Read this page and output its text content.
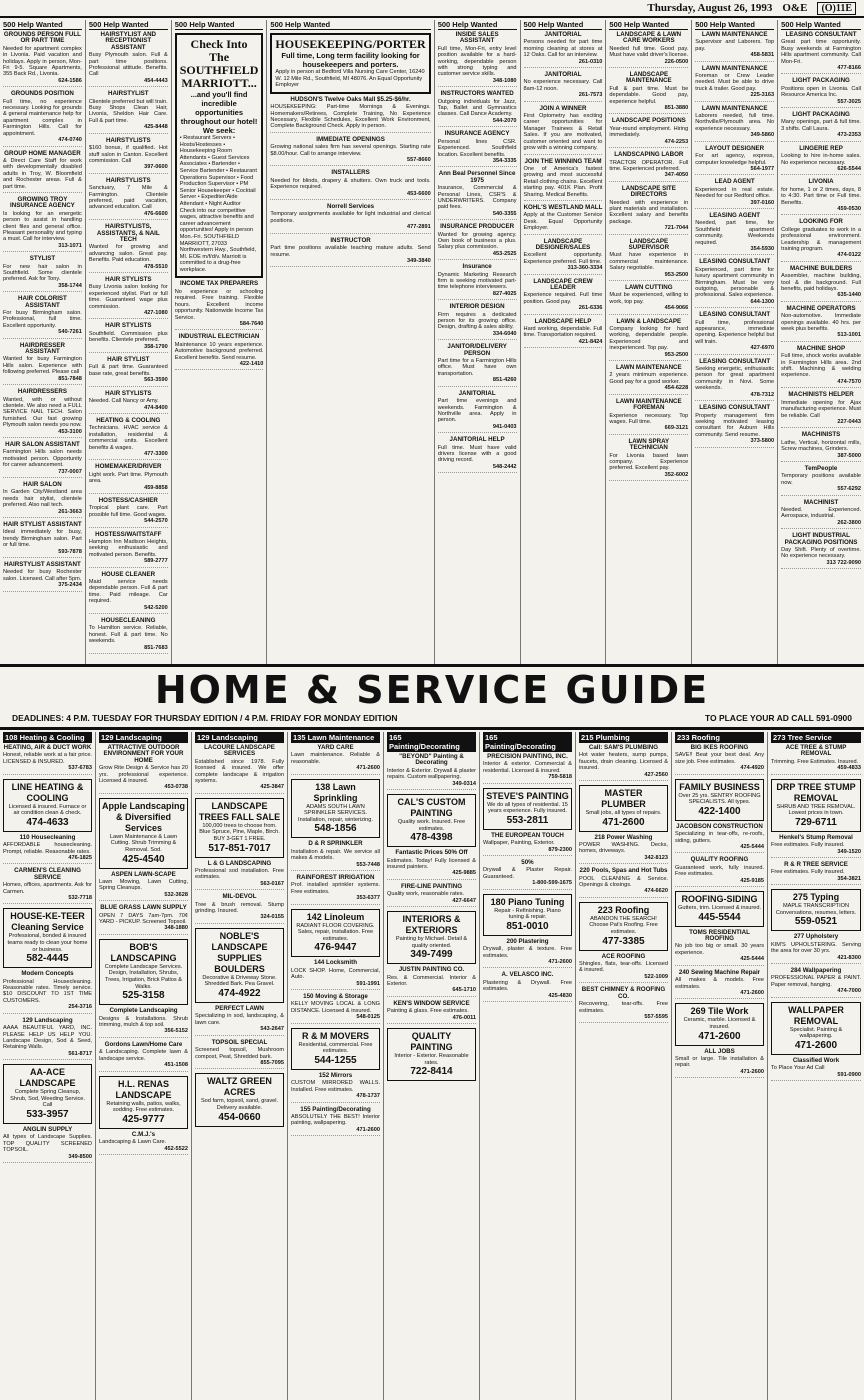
Thursday, August 26, 1993 O&E	(O)11E
500 Help Wanted
GROUNDS PERSON FULL OR PART TIME
Needed for apartment complex in Livonia. Paid vacation and holidays. Apply in person, Mon-Fri 9-5. Square Apartments, 355 Back Rd., Livonia.
624-1586
GROUNDS POSITION
Full time, no experience necessary. Looking for grounds & general maintenance help for apartment complex in Farmington Hills. Call for appointment.
474-0740
GROUP HOME MANAGER
& Direct Care Staff for work with developmentally disabled adults in Troy, W. Bloomfield and Rochester areas. Full & part time.
GROWING TROY INSURANCE AGENCY
Is looking for an energetic person to assist in handling client files and general office. Pleasant personality and typing a must. Call for interview.
313-1071
STYLIST
For new hair salon in Southfield. Some clientele preferred. Ask for Tony.
358-1744
HAIR COLORIST ASSISTANT
For busy Birmingham salon. Professional, full time. Excellent opportunity.
540-7261
HAIRDRESSER ASSISTANT
Wanted for busy Farmington Hills salon. Experience with following preferred. Please call
851-7848
HAIRDRESSERS
Wanted, with or without clientele. We also need a FULL SERVICE NAIL TECH. Salon furnished. Our fast growing Plymouth salon needs you now.
453-3100
HAIR SALON ASSISTANT
Farmington Hills salon needs motivated person. Opportunity for career advancement.
737-0007
HAIR SALON
In Garden City/Westland area needs hair stylist, clientele preferred. Also nail tech.
261-3663
HAIR STYLIST ASSISTANT
Ideal immediately for busy, trendy Birmingham salon. Part or full time.
593-7878
HAIRSTYLIST ASSISTANT
Needed for busy Rochester salon. Licensed. Call after 5pm.
375-2434
500 Help Wanted
HAIRSTYLIST AND RECEPTIONIST ASSISTANT
Busy Plymouth salon. Full & part time positions. Professional attitude. Benefits. Call
454-4443
HAIRSTYLIST
Clientele preferred but will train. Busy Shops Clean Hair, Livonia, Sheldon Hair Care. Full & part time.
425-8448
HAIRSTYLISTS
$160 bonus, if qualified. Hot stuff salon in Canton. Excellent commission. Call
397-0600
HAIRSTYLISTS
Sanctuary, 7 Mile & Farmington. Clientele preferred, paid vacation, advanced education. Call
476-6600
HAIRSTYLISTS, ASSISTANTS, & NAIL TECH
Wanted for growing and advancing salon. Great pay. Benefits. Paid education.
478-5510
HAIR STYLISTS
Busy Livonia salon looking for experienced stylist. Part or full time. Guaranteed wage plus commission.
427-1080
HAIR STYLISTS
Southfield. Commission plus benefits. Clientele preferred.
358-1790
HAIR STYLIST
Full & part time. Guaranteed base rate, great benefits.
563-3590
HAIR STYLISTS
Needed. Call Nancy or Amy.
474-8400
HEATING & COOLING
Technicians. HVAC service & installation, residential & commercial units. Excellent benefits & wages.
477-3300
HOMEMAKER/DRIVER
Light work. Part time. Plymouth area.
459-8858
HOSTESS/CASHIER
Tropical plant care. Part possible full time. Good wages.
544-2570
HOSTESS/WAITSTAFF
Hampton Inn Madison Heights, seeking enthusiastic and motivated person. Benefits.
589-2777
HOUSE CLEANER
Maid service needs dependable person. Full & part time. Paid mileage. Car required.
542-5200
HOUSECLEANING
To Hamilton service. Reliable, honest. Full & part time. No weekends.
851-7683
500 Help Wanted
Check Into The SOUTHFIELD MARRIOTT...
...and you'll find incredible opportunities throughout our hotel! We seek:
• Restaurant Servers • Hosts/Hostesses • Housekeeping Room Attendants • Guest Services Associates • Bartender • Service Bartender • Restaurant Operations Supervisor • Food Production Supervisor • PM Senior Housekeeper • Cocktail Server • Expediter/Aide Attendant • Night Auditor
Check into our competitive wages, attractive benefits and career advancement opportunities! Apply in person Mon.-Fri. SOUTHFIELD MARRIOTT, 27033 Northwestern Hwy., Southfield, MI. EOE m/f/d/v. Marriott is committed to a drug-free workplace.
INCOME TAX PREPARERS
No experience or schooling required. Free training. Flexible hours. Excellent income opportunity. Nationwide Income Tax Service.
584-7640
INDUSTRIAL ELECTRICIAN
Maintenance 10 years experience. Automotive background preferred. Excellent benefits. Send resume.
422-1410
500 Help Wanted
HOUSEKEEPING/PORTER
Full time, Long term facility looking for housekeepers and porters.
Apply in person at Bedford Villa Nursing Care Center, 16240 W. 12 Mile Rd., Southfield, MI 48076. An Equal Opportunity Employer
HUDSON'S Twelve Oaks Mall $5.25-$6/hr.
HOUSEKEEPING: Part-time Mornings & Evenings. Homemakers/Retirees, Complete Training, No Experience Necessary, Flexible Schedules, Excellent Work Environment, Complete Background Check. Apply in person.
IMMEDIATE OPENINGS
Growing national sales firm has several openings. Starting rate $8.00/hour. Call to arrange interview.
557-8660
INSTALLERS
Needed for blinds, drapery & shutters. Own truck and tools. Experience required.
453-6600
Norrell Services
Temporary assignments available for light industrial and clerical positions.
477-2891
INSTRUCTOR
Part time positions available teaching mature adults. Send resume.
349-3840
500 Help Wanted
INSIDE SALES ASSISTANT
Full time, Mon-Fri, entry level position available for a hard-working, dependable person with strong typing and customer service skills.
348-1080
INSTRUCTORS WANTED
Outgoing individuals for Jazz, Tap, Ballet and Gymnastics classes. Call Dance Academy.
544-2070
INSURANCE AGENCY
Personal lines CSR. Experienced. Southfield location. Excellent benefits.
354-3335
Ann Beal Personnel Since 1975
Insurance, Commercial & Personal Lines, CSR'S & UNDERWRITERS. Company paid fees.
540-3355
INSURANCE PRODUCER
Wanted for growing agency. Own book of business a plus. Salary plus commission.
453-2525
Insurance
Dynamic Marketing Research firm is seeking motivated part-time telephone interviewers.
827-4025
INTERIOR DESIGN
Firm requires a dedicated person for its growing office. Design, drafting & sales ability.
334-6040
JANITOR/DELIVERY PERSON
Part time for a Farmington Hills office. Must have own transportation.
851-4260
JANITORIAL
Part time evenings and weekends. Farmington & Northville area. Apply in person.
941-0403
JANITORIAL HELP
Full time. Must have valid drivers license with a good driving record.
548-2442
500 Help Wanted
JANITORIAL
Persons needed for part time morning cleaning at stores at 12 Oaks. Call for an interview.
261-0310
JANITORIAL
No experience necessary. Call 8am-12 noon.
261-7573
JOIN A WINNER
First Optometry has exciting career opportunities for Manager Trainees & Retail Sales. If you are motivated, customer oriented and want to grow with a winning company.
JOIN THE WINNING TEAM
One of America's fastest growing and most successful Retail clothing chains. Excellent starting pay. 401K Plan. Profit Sharing. Medical Benefits.
KOHL'S WESTLAND MALL
Apply at the Customer Service Desk. Equal Opportunity Employer.
LANDSCAPE DESIGNER/SALES
Excellent opportunity. Experience preferred. Full time.
313-360-3334
LANDSCAPE CREW LEADER
Experience required. Full time position. Good pay.
261-6336
LANDSCAPE HELP
Hard working, dependable. Full time. Transportation required.
421-8424
500 Help Wanted
LANDSCAPE & LAWN CARE WORKERS
Needed full time. Good pay. Must have valid driver's license.
226-0500
LANDSCAPE MAINTENANCE
Full & part time. Must be dependable. Good pay, experience helpful.
851-3880
LANDSCAPE POSITIONS
Year-round employment. Hiring immediately.
474-2253
LANDSCAPING LABOR
TRACTOR OPERATOR. Full time. Experienced preferred.
347-4050
LANDSCAPE SITE DIRECTORS
Needed with experience in plant materials and installation. Excellent salary and benefits package.
721-7044
LANDSCAPE SUPERVISOR
Must have experience in commercial maintenance. Salary negotiable.
953-2500
LAWN CUTTING
Must be experienced, willing to work, top pay.
454-9066
LAWN & LANDSCAPE
Company looking for hard working, dependable people. Experienced and inexperienced. Top pay.
953-2500
LAWN MAINTENANCE
2 years minimum experience. Good pay for a good worker.
454-6228
LAWN MAINTENANCE FOREMAN
Experience necessary. Top wages. Full time.
669-3121
LAWN SPRAY TECHNICIAN
For Livonia based lawn company. Experience preferred. Excellent pay.
352-6002
500 Help Wanted
LAWN MAINTENANCE
Supervisor and Laborers. Top pay.
458-5831
LAWN MAINTENANCE
Foreman or Crew Leader needed. Must be able to drive truck & trailer. Good pay.
225-3163
LAWN MAINTENANCE
Laborers needed, full time. Northville/Plymouth area. No experience necessary.
349-5860
LAYOUT DESIGNER
For art agency, express, computer knowledge helpful.
564-1977
LEAD AGENT
Experienced in real estate. Needed for our Redford office.
397-0160
LEASING AGENT
Needed, part time, for Southfield apartment community. Weekends required.
354-5930
LEASING CONSULTANT
Experienced, part time for luxury apartment community in Birmingham. Must be very outgoing, personable & professional. Sales experience.
644-1300
LEASING CONSULTANT
Full time, professional appearance, immediate opening. Experience helpful but will train.
427-6970
LEASING CONSULTANT
Seeking energetic, enthusiastic person for great apartment community in Novi. Some weekends.
478-7312
LEASING CONSULTANT
Property management firm seeking motivated leasing consultant for Auburn Hills community. Send resume.
373-5800
500 Help Wanted
LEASING CONSULTANT
Great part time opportunity. Busy weekends at Farmington Hills apartment community. Call Mon-Fri.
477-8166
LIGHT PACKAGING
Positions open in Livonia. Call Resource America Inc.
557-3025
LIGHT PACKAGING
Many openings, part & full time. 3 shifts. Call Laura.
473-2353
LINGERIE REP
Looking to hire in-home sales. No experience necessary.
626-5544
LIVONIA
for home, 1 or 2 times, days, 8 to 4:30. Part time or Full time. Benefits.
459-0530
LOOKING FOR
College graduates to work in a professional environment. Leadership & management training program.
474-0122
MACHINE BUILDERS
Assembler, machine building, tool & die background. Full benefits, paid holidays.
635-1440
MACHINE OPERATORS
Non-automotive. Immediate openings available. 40 hrs. per week plus benefits.
513-1001
MACHINE SHOP
Full time, shock works available in Farmington Hills area. 2nd shift. Machining & welding experience.
474-7570
MACHINISTS HELPER
Immediate opening for Ajax manufacturing experience. Must be reliable. Call
227-0443
MACHINISTS
Lathe, Vertical, horizontal mills, Screw machines, Grinders.
387-5000
TemPeople
Temporary positions available now.
557-6292
MACHINIST
Needed. Experienced. Aerospace, industrial.
262-3800
LIGHT INDUSTRIAL PACKAGING POSITIONS
Day Shift. Plenty of overtime. No experience necessary.
313 722-9090
HOME & SERVICE GUIDE
DEADLINES: 4 P.M. TUESDAY FOR THURSDAY EDITION / 4 P.M. FRIDAY FOR MONDAY EDITION	TO PLACE YOUR AD CALL 591-0900
108 Heating & Cooling
HEATING, AIR & DUCT WORK
Honest, reliable work at a fair price. LICENSED & INSURED.
537-6783
LINE HEATING & COOLING
Licensed & insured. Furnace or air condition clean & check.
474-4633
110 Housecleaning
AFFORDABLE housecleaning. Prompt, reliable. Reasonable rates.
476-1825
CARMEN'S CLEANING SERVICE
Homes, offices, apartments. Ask for Carmen.
532-7718
HOUSE-KE-TEER Cleaning Service
Professional, bonded & insured teams ready to clean your home or business.
582-4445
Modern Concepts
Professional Housecleaning. Reasonable rates. Timely service. $10 DISCOUNT TO 1ST TIME CUSTOMERS.
254-3716
129 Landscaping
AAAA BEAUTIFUL YARD, INC. PLEASE HELP US HELP YOU. Landscape Design, Sod & Seed, Retaining Walls.
561-8717
AA-ACE LANDSCAPE
Complete Spring Cleanup, Shrub, Sod, Weeding Service. Call
533-3957
ANGLIN SUPPLY
All types of Landscape Supplies. TOP QUALITY SCREENED TOPSOIL.
349-8500
129 Landscaping
ATTRACTIVE OUTDOOR ENVIRONMENT FOR YOUR HOME
Grow Rite Design & Service has 20 yrs. professional experience. Licensed & insured.
453-0738
Apple Landscaping & Diversified Services
Lawn Maintenance & Lawn Cutting. Shrub Trimming & Removal. Sod.
425-4540
ASPEN LAWN-SCAPE
Lawn Mowing, Lawn Cutting, Spring Cleanups.
532-3628
BLUE GRASS LAWN SUPPLY
OPEN 7 DAYS 7am-7pm. 70¢ YARD - PICKUP. Screened Topsoil.
348-1880
BOB'S LANDSCAPING
Complete Landscape Services. Design, Installation, Shrubs, Trees, Irrigation, Brick Patios & Walks.
525-3158
Complete Landscaping
Designs & Installations. Shrub trimming, mulch & top soil.
356-5152
Gordons Lawn/Home Care
& Landscaping. Complete lawn & landscape service.
451-1508
H.L. RENAS LANDSCAPE
Retaining walls, patios, walks, sodding. Free estimates.
425-9777
C.M.J.'s
Landscaping & Lawn Care.
452-5522
129 Landscaping
LACOURE LANDSCAPE SERVICES
Established since 1978. Fully licensed & insured. We offer complete landscape & irrigation systems.
425-3847
LANDSCAPE TREES FALL SALE
100,000 trees to choose from. Blue Spruce, Pine, Maple, Birch. BUY 3-GET 1 FREE.
517-851-7017
L & G LANDSCAPING
Professional sod installation. Free estimates.
563-0167
MIL-DEVOL
Tree & brush removal. Stump grinding. Insured.
324-0155
NOBLE'S LANDSCAPE SUPPLIES BOULDERS
Decorative & Driveway Stone. Shredded Bark. Pea Gravel.
474-4922
PERFECT LAWN
Specializing in sod, landscaping, & lawn care.
543-2647
TOPSOIL SPECIAL
Screened topsoil, Mushroom compost, Peat, Shredded bark.
855-7095
WALTZ GREEN ACRES
Sod farm, topsoil, sand, gravel. Delivery available.
454-0660
135 Lawn Maintenance
YARD CARE
Lawn maintenance. Reliable & reasonable.
471-2600
138 Lawn Sprinkling
ADAMS SOUTH LAWN SPRINKLER SERVICES. Installation, repair, winterizing.
548-1856
D & R SPRINKLER
Installation & repair. We service all makes & models.
553-7448
RAINFOREST IRRIGATION
Prof. installed sprinkler systems. Free estimates.
353-6377
142 Linoleum
RADIANT FLOOR COVERING. Sales, repair, installation. Free estimates.
476-9447
144 Locksmith
LOCK SHOP. Home, Commercial, Auto.
591-1991
150 Moving & Storage
KELLY MOVING LOCAL & LONG DISTANCE. Licensed & insured.
548-0125
R & M MOVERS
Residential, commercial. Free estimates.
544-1255
152 Mirrors
CUSTOM MIRRORED WALLS. Installed. Free estimates.
478-1737
155 Painting/Decorating
ABSOLUTELY THE BEST! Interior painting, wallpapering.
471-2600
165 Painting/Decorating
"BEYOND" Painting & Decorating
Interior & Exterior. Drywall & plaster repairs. Custom wallpapering.
349-0314
CAL'S CUSTOM PAINTING
Quality work. Insured. Free estimates.
478-4398
Fantastic Prices 50% Off
Estimates. Today! Fully licensed & insured painters.
425-9885
FIRE-LINE PAINTING
Quality work, reasonable rates.
427-6647
INTERIORS & EXTERIORS
Painting by Michael. Detail & quality oriented.
349-7499
JUSTIN PAINTING CO.
Res. & Commercial. Interior & Exterior.
645-1710
KEN'S WINDOW SERVICE
Painting & glass. Free estimates.
476-0011
QUALITY PAINTING
Interior - Exterior. Reasonable rates.
722-8414
165 Painting/Decorating
PRECISION PAINTING, INC.
Interior & exterior. Commercial & residential. Licensed & insured.
759-5818
STEVE'S PAINTING
We do all types of residential. 15 years experience. Fully insured.
553-2811
THE EUROPEAN TOUCH
Wallpaper, Painting, Exterior.
879-2300
50%
Drywall & Plaster Repair. Guaranteed.
1-800-599-1675
180 Piano Tuning
Repair - Refinishing. Piano tuning & repair.
851-0010
200 Plastering
Drywall, plaster & texture. Free estimates.
471-2600
A. VELASCO INC.
Plastering & Drywall. Free estimates.
425-4830
215 Plumbing
Call: SAM'S PLUMBING
Hot water heaters, sump pumps, faucets, drain cleaning. Licensed & insured.
427-2560
MASTER PLUMBER
Small jobs, all types of repairs.
471-2600
218 Power Washing
POWER WASHING. Decks, homes, driveways.
342-8123
220 Pools, Spas and Hot Tubs
POOL CLEANING & Service. Openings & closings.
474-6620
223 Roofing
ABANDON THE SEARCH! Choose Pat's Roofing. Free estimates.
477-3385
ACE ROOFING
Shingles, flats, tear-offs. Licensed & insured.
522-1009
BEST CHIMNEY & ROOFING CO.
Recovering, tear-offs. Free estimates.
557-5595
233 Roofing
BIG IKES ROOFING
SAVE!! Beat your best deal. Any size job. Free estimates.
474-4920
FAMILY BUSINESS
Over 25 yrs. SENTRY ROOFING SPECIALISTS. All types.
422-1400
JACOBSON CONSTRUCTION
Specializing in tear-offs, re-roofs, siding, gutters.
425-5444
QUALITY ROOFING
Guaranteed work, fully insured. Free estimates.
425-9185
ROOFING-SIDING
Gutters, trim. Licensed & insured.
445-5544
TOMS RESIDENTIAL ROOFING
No job too big or small. 30 years experience.
425-5444
240 Sewing Machine Repair
All makes & models. Free estimates.
471-2600
269 Tile Work
Ceramic, marble. Licensed & insured.
471-2600
ALL JOBS
Small or large. Tile installation & repair.
471-2600
273 Tree Service
ACE TREE & STUMP REMOVAL
Trimming. Free Estimates. Insured.
459-4833
DRP TREE STUMP REMOVAL
SHRUB AND TREE REMOVAL. Lowest prices in town.
729-6711
Henkel's Stump Removal
Free estimates. Fully insured.
349-1520
R & R TREE SERVICE
Free estimates. Fully insured.
354-3821
275 Typing
MAPLE TRANSCRIPTION Conversations, resumes, letters.
559-0521
277 Upholstery
KIM'S UPHOLSTERING. Serving the area for over 30 yrs.
421-8300
284 Wallpapering
PROFESSIONAL PAPER & PAINT. Paper removal, hanging.
474-7000
WALLPAPER REMOVAL
Specialist. Painting & wallpapering.
471-2600
Classified Work
To Place Your Ad Call
591-0900
